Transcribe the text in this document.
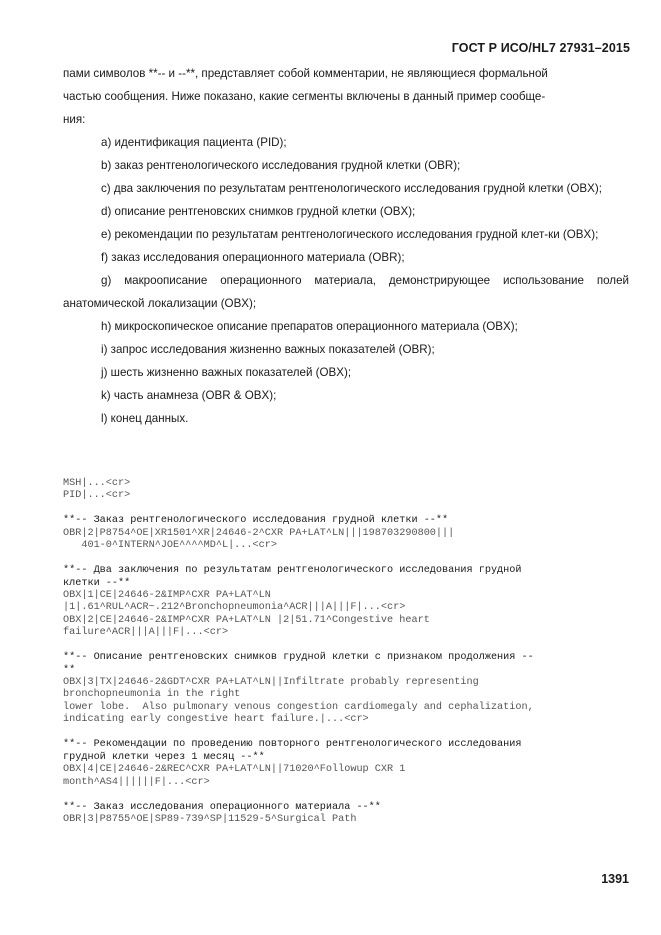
ГОСТ Р ИСО/HL7 27931–2015

пами символов **-- и --**, представляет собой комментарии, не являющиеся формальной

частью сообщения. Ниже показано, какие сегменты включены в данный пример сообще-

ния:

a) идентификация пациента (PID);

b) заказ рентгенологического исследования грудной клетки (OBR);

c) два заключения по результатам рентгенологического исследования грудной клетки (OBX);

d) описание рентгеновских снимков грудной клетки (OBX);

e) рекомендации по результатам рентгенологического исследования грудной клет-ки (OBX);

f) заказ исследования операционного материала (OBR);

g) макроописание операционного материала, демонстрирующее использование полей анатомической локализации (OBX);

h) микроскопическое описание препаратов операционного материала (OBX);

i) запрос исследования жизненно важных показателей (OBR);

j) шесть жизненно важных показателей (OBX);

k) часть анамнеза (OBR & OBX);

l) конец данных.

MSH|...<cr>
PID|...<cr>
**-- Заказ рентгенологического исследования грудной клетки --**
OBR|2|P8754^OE|XR1501^XR|24646-2^CXR PA+LAT^LN|||198703290800|||
401-0^INTERN^JOE^^^^MD^L|...<cr>
**-- Два заключения по результатам рентгенологического исследования грудной
клетки --**
OBX|1|CE|24646-2&IMP^CXR PA+LAT^LN
|1|.61^RUL^ACR~.212^Bronchopneumonia^ACR|||A|||F|...<cr>
OBX|2|CE|24646-2&IMP^CXR PA+LAT^LN |2|51.71^Congestive heart
failure^ACR|||A|||F|...<cr>
**-- Описание рентгеновских снимков грудной клетки с признаком продолжения --
**
OBX|3|TX|24646-2&GDT^CXR PA+LAT^LN||Infiltrate probably representing
bronchopneumonia in the right
lower lobe.  Also pulmonary venous congestion cardiomegaly and cephalization,
indicating early congestive heart failure.|...<cr>
**-- Рекомендации по проведению повторного рентгенологического исследования
грудной клетки через 1 месяц --**
OBX|4|CE|24646-2&REC^CXR PA+LAT^LN||71020^Followup CXR 1
month^AS4||||||F|...<cr>
**-- Заказ исследования операционного материала --**
OBR|3|P8755^OE|SP89-739^SP|11529-5^Surgical Path
1391
